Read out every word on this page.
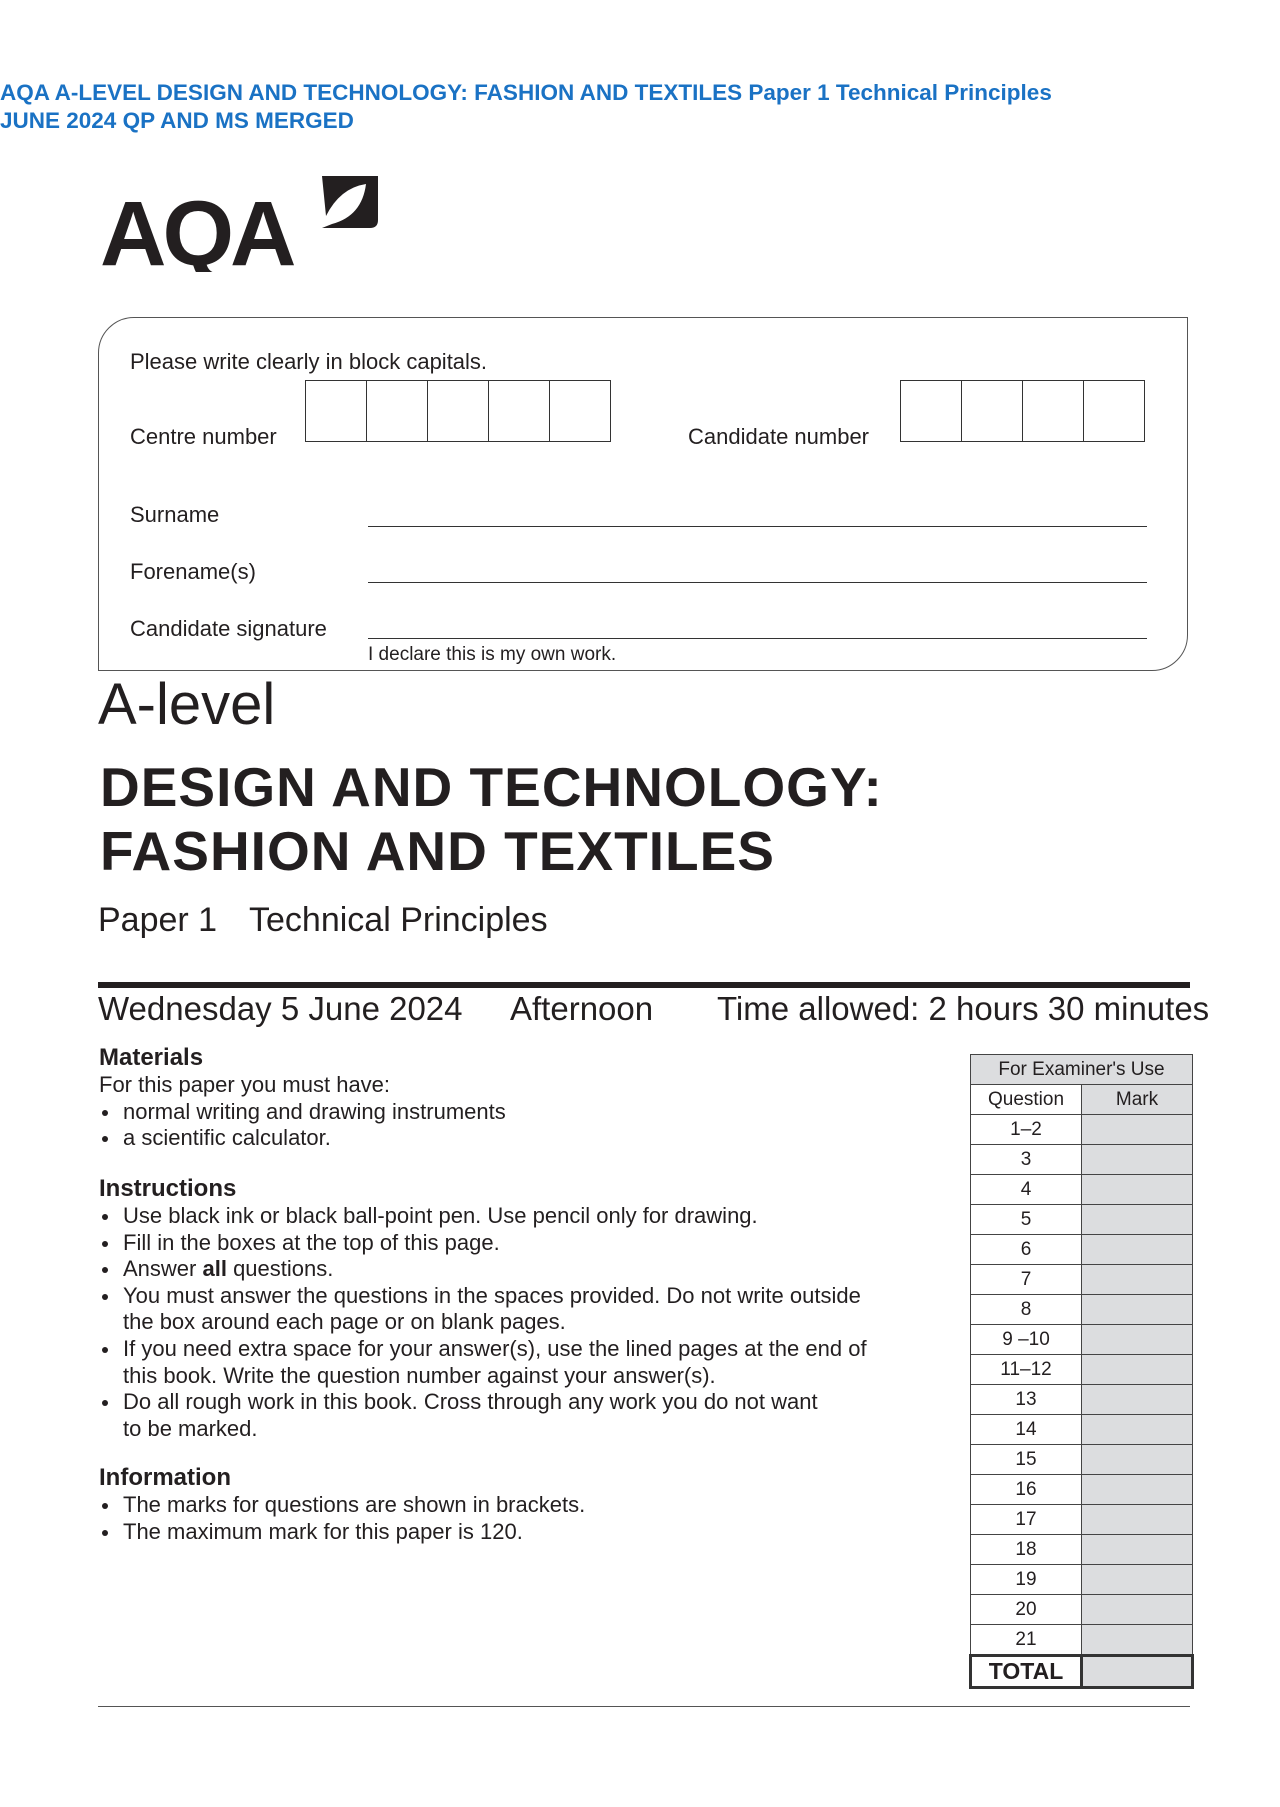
AQA A-LEVEL DESIGN AND TECHNOLOGY: FASHION AND TEXTILES Paper 1 Technical Principles
JUNE 2024 QP AND MS MERGED
AQA
Please write clearly in block capitals.
Centre number	Candidate number
Surname
Forename(s)
Candidate signature
I declare this is my own work.
A-level
DESIGN AND TECHNOLOGY:
FASHION AND TEXTILES
Paper 1 Technical Principles
Wednesday 5 June 2024 Afternoon Time allowed: 2 hours 30 minutes
Materials
For this paper you must have:
normal writing and drawing instruments
a scientific calculator.
Instructions
Use black ink or black ball-point pen. Use pencil only for drawing.
Fill in the boxes at the top of this page.
Answer all questions.
You must answer the questions in the spaces provided. Do not write outside
the box around each page or on blank pages.
If you need extra space for your answer(s), use the lined pages at the end of
this book. Write the question number against your answer(s).
Do all rough work in this book. Cross through any work you do not want
to be marked.
Information
The marks for questions are shown in brackets.
The maximum mark for this paper is 120.
For Examiner's Use	
Question	Mark
1–2	
3	
4	
5	
6	
7	
8	
9 –10	
11–12	
13	
14	
15	
16	
17	
18	
19	
20	
21	
TOTAL	
